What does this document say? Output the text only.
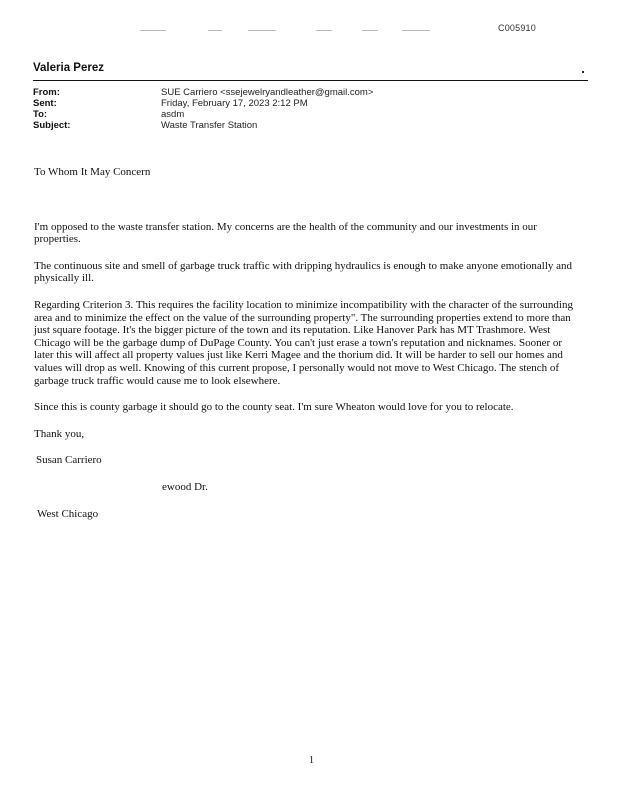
C005910
Valeria Perez
From:	SUE Carriero <ssejewelryandleather@gmail.com>
Sent:	Friday, February 17, 2023 2:12 PM
To:	asdm
Subject:	Waste Transfer Station

To Whom It May Concern

I'm opposed to the waste transfer station. My concerns are the health of the community and our investments in our properties.

The continuous site and smell of garbage truck traffic with dripping hydraulics is enough to make anyone emotionally and physically ill.

Regarding Criterion 3. This requires the facility location to minimize incompatibility with the character of the surrounding area and to minimize the effect on the value of the surrounding property". The surrounding properties extend to more than just square footage. It's the bigger picture of the town and its reputation. Like Hanover Park has MT Trashmore. West Chicago will be the garbage dump of DuPage County. You can't just erase a town's reputation and nicknames. Sooner or later this will affect all property values just like Kerri Magee and the thorium did. It will be harder to sell our homes and values will drop as well. Knowing of this current propose, I personally would not move to West Chicago. The stench of garbage truck traffic would cause me to look elsewhere.

Since this is county garbage it should go to the county seat. I'm sure Wheaton would love for you to relocate.

Thank you,

Susan Carriero

ewood Dr.

West Chicago

1
